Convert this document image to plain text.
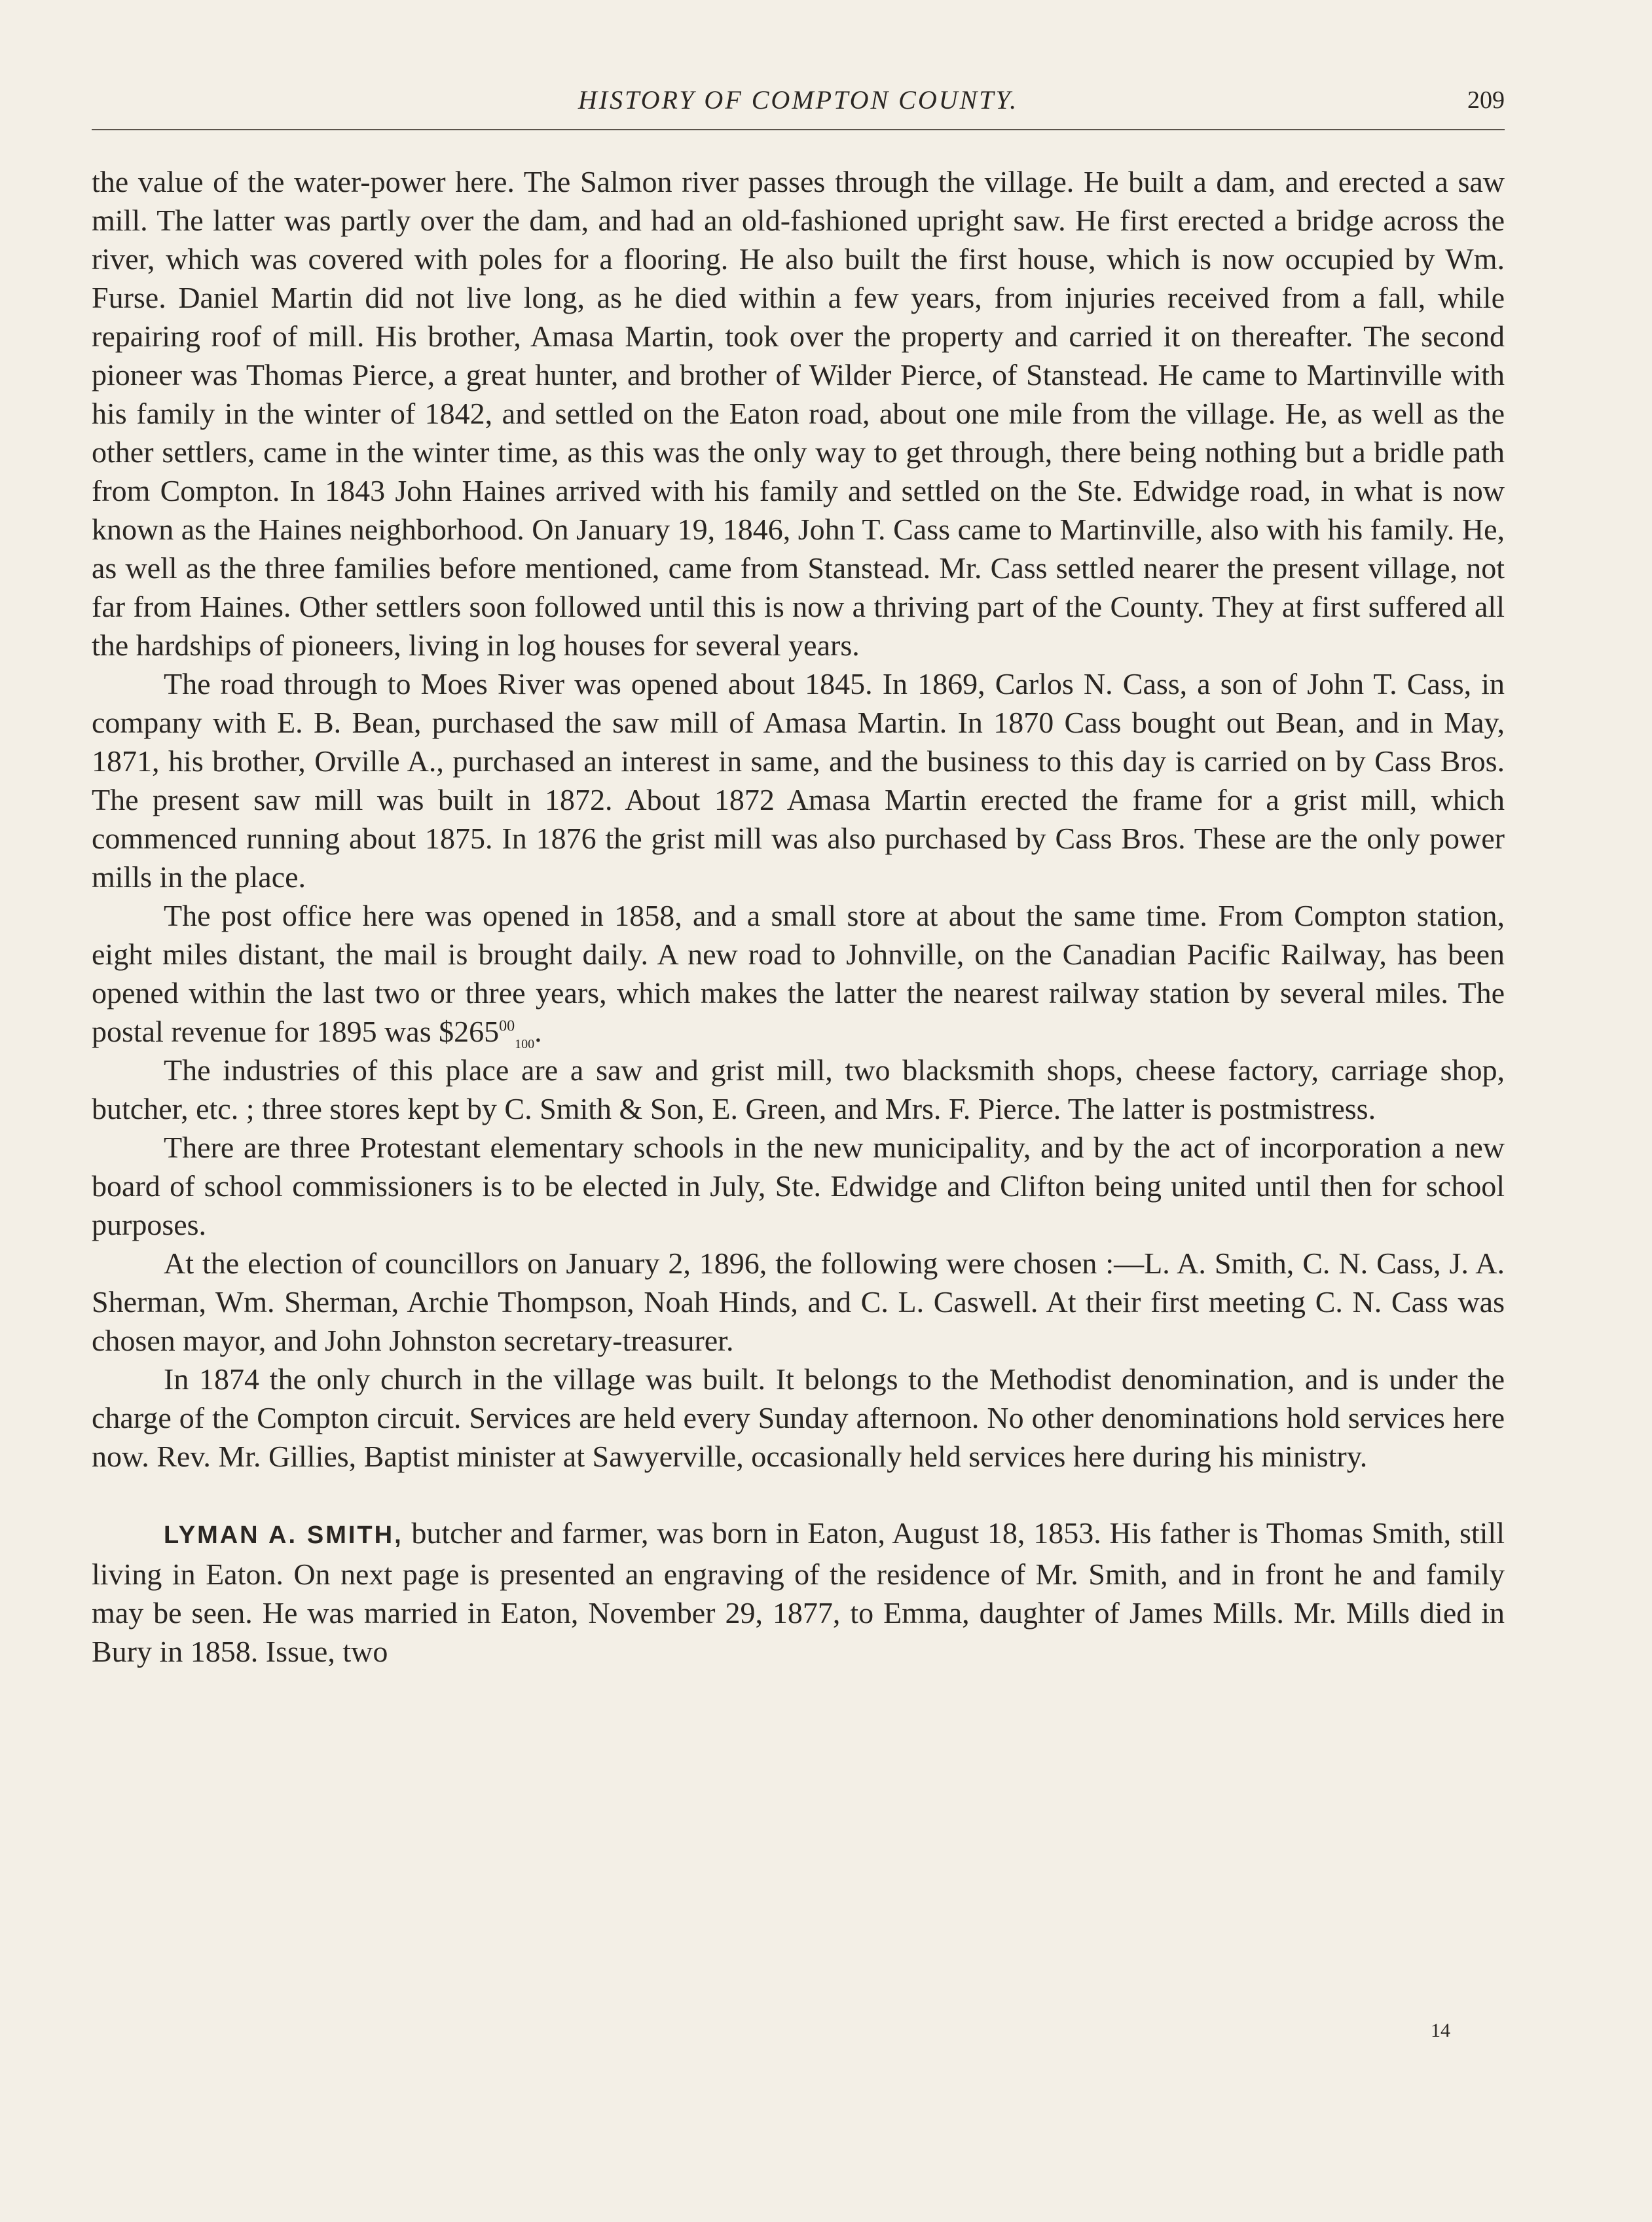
HISTORY OF COMPTON COUNTY.	209

the value of the water-power here. The Salmon river passes through the village. He built a dam, and erected a saw mill. The latter was partly over the dam, and had an old-fashioned upright saw. He first erected a bridge across the river, which was covered with poles for a flooring. He also built the first house, which is now occupied by Wm. Furse. Daniel Martin did not live long, as he died within a few years, from injuries received from a fall, while repairing roof of mill. His brother, Amasa Martin, took over the property and carried it on thereafter. The second pioneer was Thomas Pierce, a great hunter, and brother of Wilder Pierce, of Stanstead. He came to Martinville with his family in the winter of 1842, and settled on the Eaton road, about one mile from the village. He, as well as the other settlers, came in the winter time, as this was the only way to get through, there being nothing but a bridle path from Compton. In 1843 John Haines arrived with his family and settled on the Ste. Edwidge road, in what is now known as the Haines neighborhood. On January 19, 1846, John T. Cass came to Martinville, also with his family. He, as well as the three families before mentioned, came from Stanstead. Mr. Cass settled nearer the present village, not far from Haines. Other settlers soon followed until this is now a thriving part of the County. They at first suffered all the hardships of pioneers, living in log houses for several years.

The road through to Moes River was opened about 1845. In 1869, Carlos N. Cass, a son of John T. Cass, in company with E. B. Bean, purchased the saw mill of Amasa Martin. In 1870 Cass bought out Bean, and in May, 1871, his brother, Orville A., purchased an interest in same, and the business to this day is carried on by Cass Bros. The present saw mill was built in 1872. About 1872 Amasa Martin erected the frame for a grist mill, which commenced running about 1875. In 1876 the grist mill was also purchased by Cass Bros. These are the only power mills in the place.

The post office here was opened in 1858, and a small store at about the same time. From Compton station, eight miles distant, the mail is brought daily. A new road to Johnville, on the Canadian Pacific Railway, has been opened within the last two or three years, which makes the latter the nearest railway station by several miles. The postal revenue for 1895 was $\$265^{00}_{100}$.

The industries of this place are a saw and grist mill, two blacksmith shops, cheese factory, carriage shop, butcher, etc. ; three stores kept by C. Smith & Son, E. Green, and Mrs. F. Pierce. The latter is postmistress.

There are three Protestant elementary schools in the new municipality, and by the act of incorporation a new board of school commissioners is to be elected in July, Ste. Edwidge and Clifton being united until then for school purposes.

At the election of councillors on January 2, 1896, the following were chosen :—L. A. Smith, C. N. Cass, J. A. Sherman, Wm. Sherman, Archie Thompson, Noah Hinds, and C. L. Caswell. At their first meeting C. N. Cass was chosen mayor, and John Johnston secretary-treasurer.

In 1874 the only church in the village was built. It belongs to the Methodist denomination, and is under the charge of the Compton circuit. Services are held every Sunday afternoon. No other denominations hold services here now. Rev. Mr. Gillies, Baptist minister at Sawyerville, occasionally held services here during his ministry.

LYMAN A. SMITH, butcher and farmer, was born in Eaton, August 18, 1853. His father is Thomas Smith, still living in Eaton. On next page is presented an engraving of the residence of Mr. Smith, and in front he and family may be seen. He was married in Eaton, November 29, 1877, to Emma, daughter of James Mills. Mr. Mills died in Bury in 1858. Issue, two

14
